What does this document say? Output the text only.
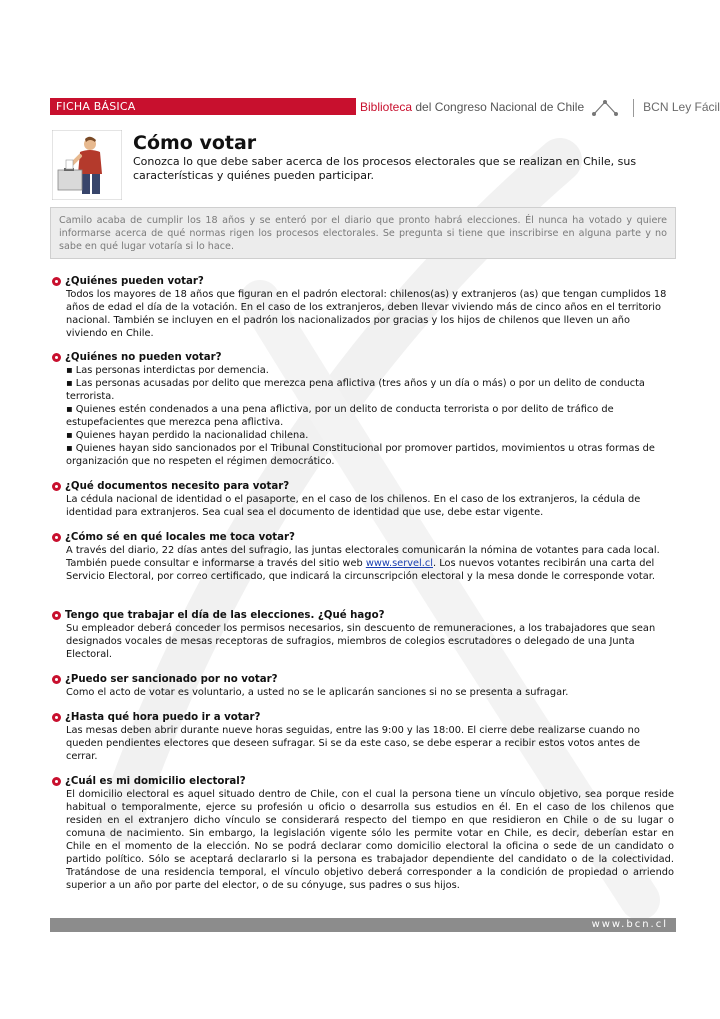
FICHA BÁSICA	Biblioteca del Congreso Nacional de Chile	BCN Ley Fácil
Cómo votar

Conozca lo que debe saber acerca de los procesos electorales que se realizan en Chile, sus características y quiénes pueden participar.

Camilo acaba de cumplir los 18 años y se enteró por el diario que pronto habrá elecciones. Él nunca ha votado y quiere informarse acerca de qué normas rigen los procesos electorales. Se pregunta si tiene que inscribirse en alguna parte y no sabe en qué lugar votaría si lo hace.
¿Quiénes pueden votar?
Todos los mayores de 18 años que figuran en el padrón electoral: chilenos(as) y extranjeros (as) que tengan cumplidos 18 años de edad el día de la votación. En el caso de los extranjeros, deben llevar viviendo más de cinco años en el territorio nacional. También se incluyen en el padrón los nacionalizados por gracias y los hijos de chilenos que lleven un año viviendo en Chile.
¿Quiénes no pueden votar?
▪ Las personas interdictas por demencia.
▪ Las personas acusadas por delito que merezca pena aflictiva (tres años y un día o más) o por un delito de conducta terrorista.
▪ Quienes estén condenados a una pena aflictiva, por un delito de conducta terrorista o por delito de tráfico de estupefacientes que merezca pena aflictiva.
▪ Quienes hayan perdido la nacionalidad chilena.
▪ Quienes hayan sido sancionados por el Tribunal Constitucional por promover partidos, movimientos u otras formas de organización que no respeten el régimen democrático.
¿Qué documentos necesito para votar?
La cédula nacional de identidad o el pasaporte, en el caso de los chilenos. En el caso de los extranjeros, la cédula de identidad para extranjeros. Sea cual sea el documento de identidad que use, debe estar vigente.
¿Cómo sé en qué locales me toca votar?
A través del diario, 22 días antes del sufragio, las juntas electorales comunicarán la nómina de votantes para cada local. También puede consultar e informarse a través del sitio web www.servel.cl. Los nuevos votantes recibirán una carta del Servicio Electoral, por correo certificado, que indicará la circunscripción electoral y la mesa donde le corresponde votar.
Tengo que trabajar el día de las elecciones. ¿Qué hago?
Su empleador deberá conceder los permisos necesarios, sin descuento de remuneraciones, a los trabajadores que sean designados vocales de mesas receptoras de sufragios, miembros de colegios escrutadores o delegado de una Junta Electoral.
¿Puedo ser sancionado por no votar?
Como el acto de votar es voluntario, a usted no se le aplicarán sanciones si no se presenta a sufragar.
¿Hasta qué hora puedo ir a votar?
Las mesas deben abrir durante nueve horas seguidas, entre las 9:00 y las 18:00. El cierre debe realizarse cuando no queden pendientes electores que deseen sufragar. Si se da este caso, se debe esperar a recibir estos votos antes de cerrar.
¿Cuál es mi domicilio electoral?
El domicilio electoral es aquel situado dentro de Chile, con el cual la persona tiene un vínculo objetivo, sea porque reside habitual o temporalmente, ejerce su profesión u oficio o desarrolla sus estudios en él. En el caso de los chilenos que residen en el extranjero dicho vínculo se considerará respecto del tiempo en que residieron en Chile o de su lugar o comuna de nacimiento. Sin embargo, la legislación vigente sólo les permite votar en Chile, es decir, deberían estar en Chile en el momento de la elección. No se podrá declarar como domicilio electoral la oficina o sede de un candidato o partido político. Sólo se aceptará declararlo si la persona es trabajador dependiente del candidato o de la colectividad. Tratándose de una residencia temporal, el vínculo objetivo deberá corresponder a la condición de propiedad o arriendo superior a un año por parte del elector, o de su cónyuge, sus padres o sus hijos.
www.bcn.cl
